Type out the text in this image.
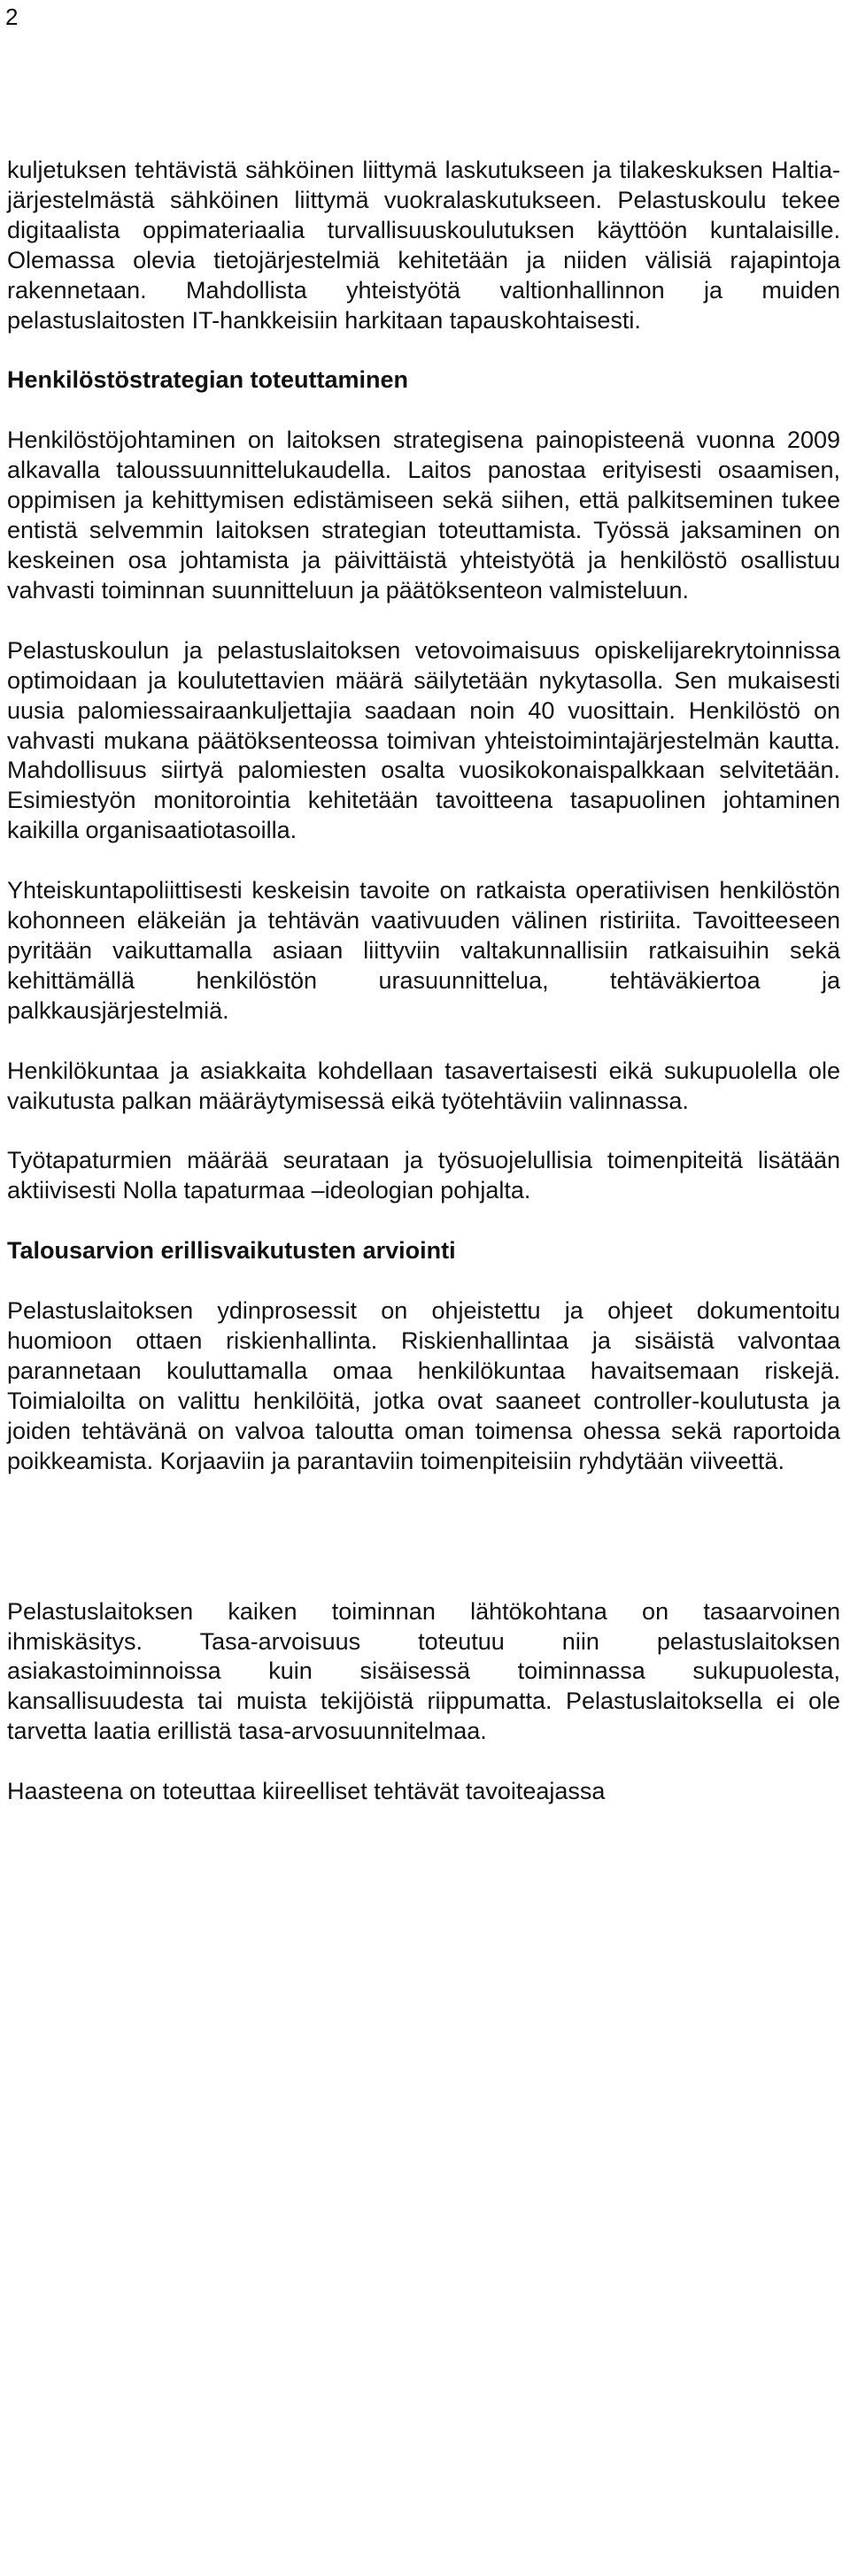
2

kuljetuksen tehtävistä sähköinen liittymä laskutukseen ja tilakeskuksen Haltia-järjestelmästä sähköinen liittymä vuokralaskutukseen. Pelastuskoulu tekee digitaalista oppimateriaalia turvallisuuskoulutuksen käyttöön kuntalaisille. Olemassa olevia tietojärjestelmiä kehitetään ja niiden välisiä rajapintoja rakennetaan. Mahdollista yhteistyötä valtionhallinnon ja muiden pelastuslaitosten IT-hankkeisiin harkitaan tapauskohtaisesti.

Henkilöstöstrategian toteuttaminen

Henkilöstöjohtaminen on laitoksen strategisena painopisteenä vuonna 2009 alkavalla taloussuunnittelukaudella. Laitos panostaa erityisesti osaamisen, oppimisen ja kehittymisen edistämiseen sekä siihen, että palkitseminen tukee entistä selvemmin laitoksen strategian toteuttamista. Työssä jaksaminen on keskeinen osa johtamista ja päivittäistä yhteistyötä ja henkilöstö osallistuu vahvasti toiminnan suunnitteluun ja päätöksenteon valmisteluun.

Pelastuskoulun ja pelastuslaitoksen vetovoimaisuus opiskelijarekrytoinnissa optimoidaan ja koulutettavien määrä säilytetään nykytasolla. Sen mukaisesti uusia palomiessairaankuljettajia saadaan noin 40 vuosittain. Henkilöstö on vahvasti mukana päätöksenteossa toimivan yhteistoimintajärjestelmän kautta. Mahdollisuus siirtyä palomiesten osalta vuosikokonaispalkkaan selvitetään. Esimiestyön monitorointia kehitetään tavoitteena tasapuolinen johtaminen kaikilla organisaatiotasoilla.

Yhteiskuntapoliittisesti keskeisin tavoite on ratkaista operatiivisen henkilöstön kohonneen eläkeiän ja tehtävän vaativuuden välinen ristiriita. Tavoitteeseen pyritään vaikuttamalla asiaan liittyviin valtakunnallisiin ratkaisuihin sekä kehittämällä henkilöstön urasuunnittelua, tehtäväkiertoa ja palkkausjärjestelmiä.

Henkilökuntaa ja asiakkaita kohdellaan tasavertaisesti eikä sukupuolella ole vaikutusta palkan määräytymisessä eikä työtehtäviin valinnassa.

Työtapaturmien määrää seurataan ja työsuojelullisia toimenpiteitä lisätään aktiivisesti Nolla tapaturmaa –ideologian pohjalta.

Talousarvion erillisvaikutusten arviointi

Pelastuslaitoksen ydinprosessit on ohjeistettu ja ohjeet dokumentoitu huomioon ottaen riskienhallinta. Riskienhallintaa ja sisäistä valvontaa parannetaan kouluttamalla omaa henkilökuntaa havaitsemaan riskejä. Toimialoilta on valittu henkilöitä, jotka ovat saaneet controller-koulutusta ja joiden tehtävänä on valvoa taloutta oman toimensa ohessa sekä raportoida poikkeamista. Korjaaviin ja parantaviin toimenpiteisiin ryhdytään viiveettä.

Pelastuslaitoksen kaiken toiminnan lähtökohtana on tasaarvoinen ihmiskäsitys. Tasa-arvoisuus toteutuu niin pelastuslaitoksen asiakastoiminnoissa kuin sisäisessä toiminnassa sukupuolesta, kansallisuudesta tai muista tekijöistä riippumatta. Pelastuslaitoksella ei ole tarvetta laatia erillistä tasa-arvosuunnitelmaa.

Haasteena on toteuttaa kiireelliset tehtävät tavoiteajassa
